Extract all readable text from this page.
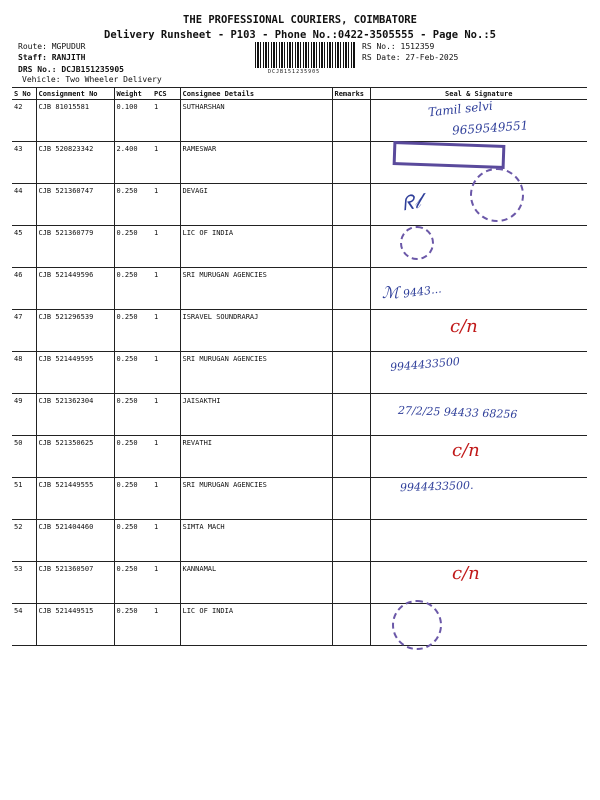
THE PROFESSIONAL COURIERS, COIMBATORE
Delivery Runsheet - P103 - Phone No.:0422-3505555 - Page No.:5
Route: MGPUDUR
Staff: RANJITH
DRS No.: DCJB151235905
Vehicle: Two Wheeler Delivery
DCJB151235905
RS No.: 1512359
RS Date: 27-Feb-2025
S No	Consignment No	Weight	PCS	Consignee Details	Remarks	Seal & Signature
42	CJB 81015581	0.100	1	SUTHARSHAN		
43	CJB 520823342	2.400	1	RAMESWAR		
44	CJB 521360747	0.250	1	DEVAGI		
45	CJB 521360779	0.250	1	LIC OF INDIA		
46	CJB 521449596	0.250	1	SRI MURUGAN AGENCIES		
47	CJB 521296539	0.250	1	ISRAVEL SOUNDRARAJ		
48	CJB 521449595	0.250	1	SRI MURUGAN AGENCIES		
49	CJB 521362304	0.250	1	JAISAKTHI		
50	CJB 521350625	0.250	1	REVATHI		
51	CJB 521449555	0.250	1	SRI MURUGAN AGENCIES		
52	CJB 521404460	0.250	1	SIMTA MACH		
53	CJB 521360507	0.250	1	KANNAMAL		
54	CJB 521449515	0.250	1	LIC OF INDIA		
Tamil selvi
9659549551
ᖇ𝓁
ℳ 9443...
c/n
9944433500
27/2/25 94433 68256
c/n
9944433500.
c/n
